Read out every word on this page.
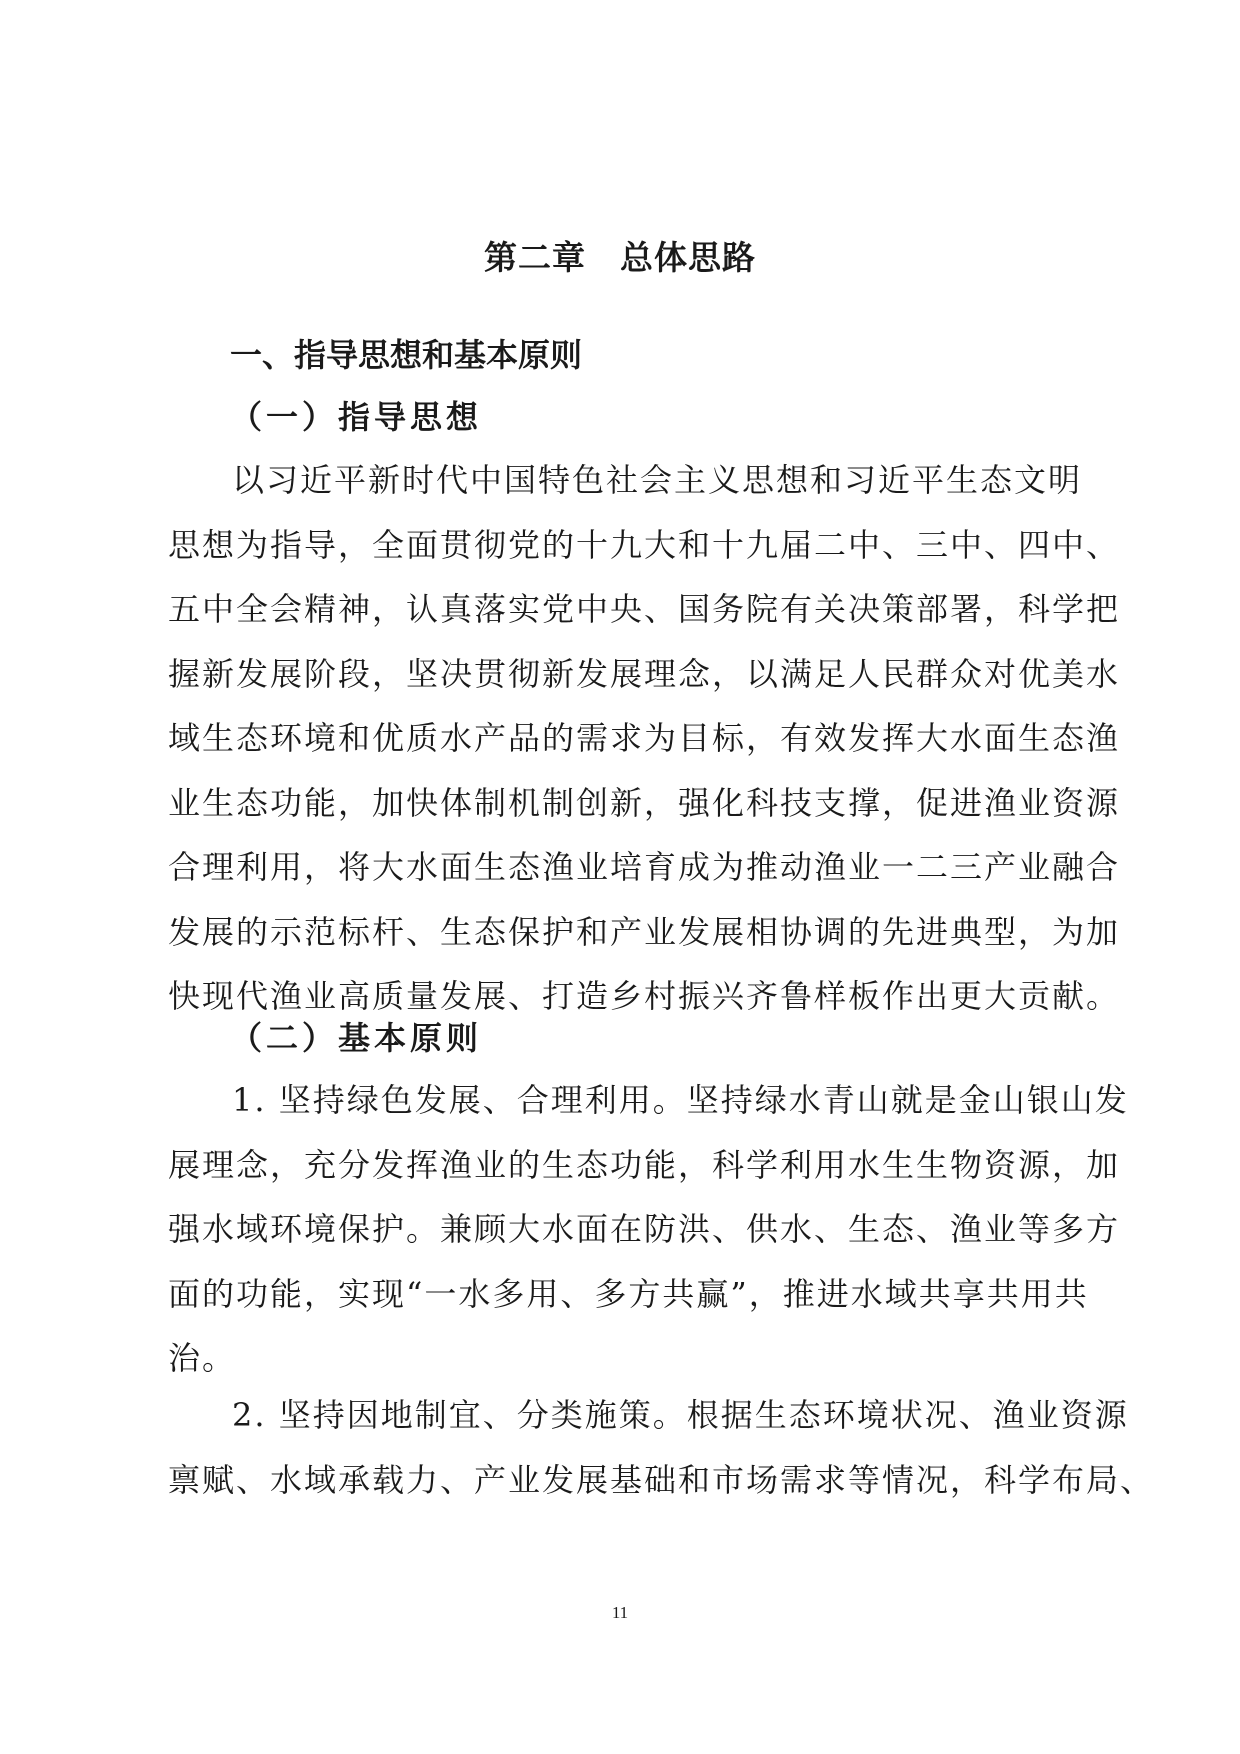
第二章　总体思路
一、指导思想和基本原则
（一）指导思想
以习近平新时代中国特色社会主义思想和习近平生态文明
思想为指导，全面贯彻党的十九大和十九届二中、三中、四中、
五中全会精神，认真落实党中央、国务院有关决策部署，科学把
握新发展阶段，坚决贯彻新发展理念，以满足人民群众对优美水
域生态环境和优质水产品的需求为目标，有效发挥大水面生态渔
业生态功能，加快体制机制创新，强化科技支撑，促进渔业资源
合理利用，将大水面生态渔业培育成为推动渔业一二三产业融合
发展的示范标杆、生态保护和产业发展相协调的先进典型，为加
快现代渔业高质量发展、打造乡村振兴齐鲁样板作出更大贡献。
（二）基本原则
1. 坚持绿色发展、合理利用。坚持绿水青山就是金山银山发
展理念，充分发挥渔业的生态功能，科学利用水生生物资源，加
强水域环境保护。兼顾大水面在防洪、供水、生态、渔业等多方
面的功能，实现“一水多用、多方共赢”，推进水域共享共用共
治。
2. 坚持因地制宜、分类施策。根据生态环境状况、渔业资源
禀赋、水域承载力、产业发展基础和市场需求等情况，科学布局、

11
